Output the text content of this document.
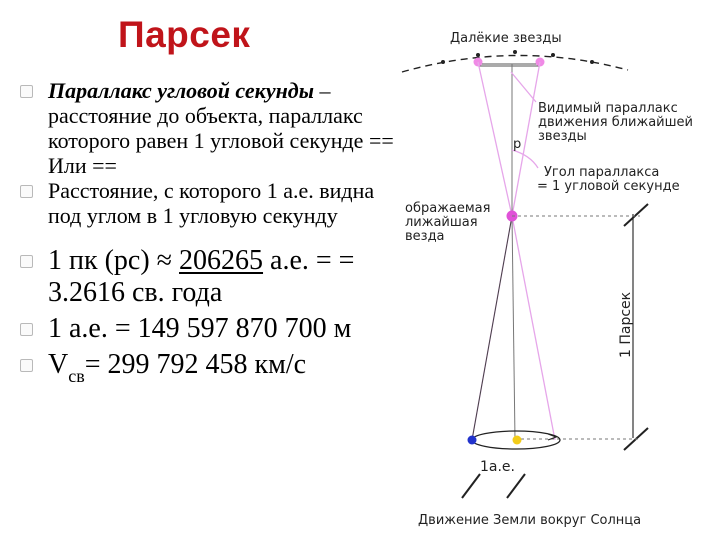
Парсек
Параллакс угловой секунды – расстояние до объекта, параллакс которого равен 1 угловой секунде == Или ==
Расстояние, с которого 1 а.е. видна под углом в 1 угловую секунду
1 пк (pc) ≈ 206265 а.е. = = 3.2616 св. года
1 а.е. = 149 597 870 700 м
$V_{св}= 299$ 792 458 км/с
Далёкие звезды
Видимый параллакс
движения ближайшей
звезды
p
Угол параллакса
= 1 угловой секунде
ображаемая
лижайшая
везда
1 Парсек
1а.е.
Движение Земли вокруг Солнца
